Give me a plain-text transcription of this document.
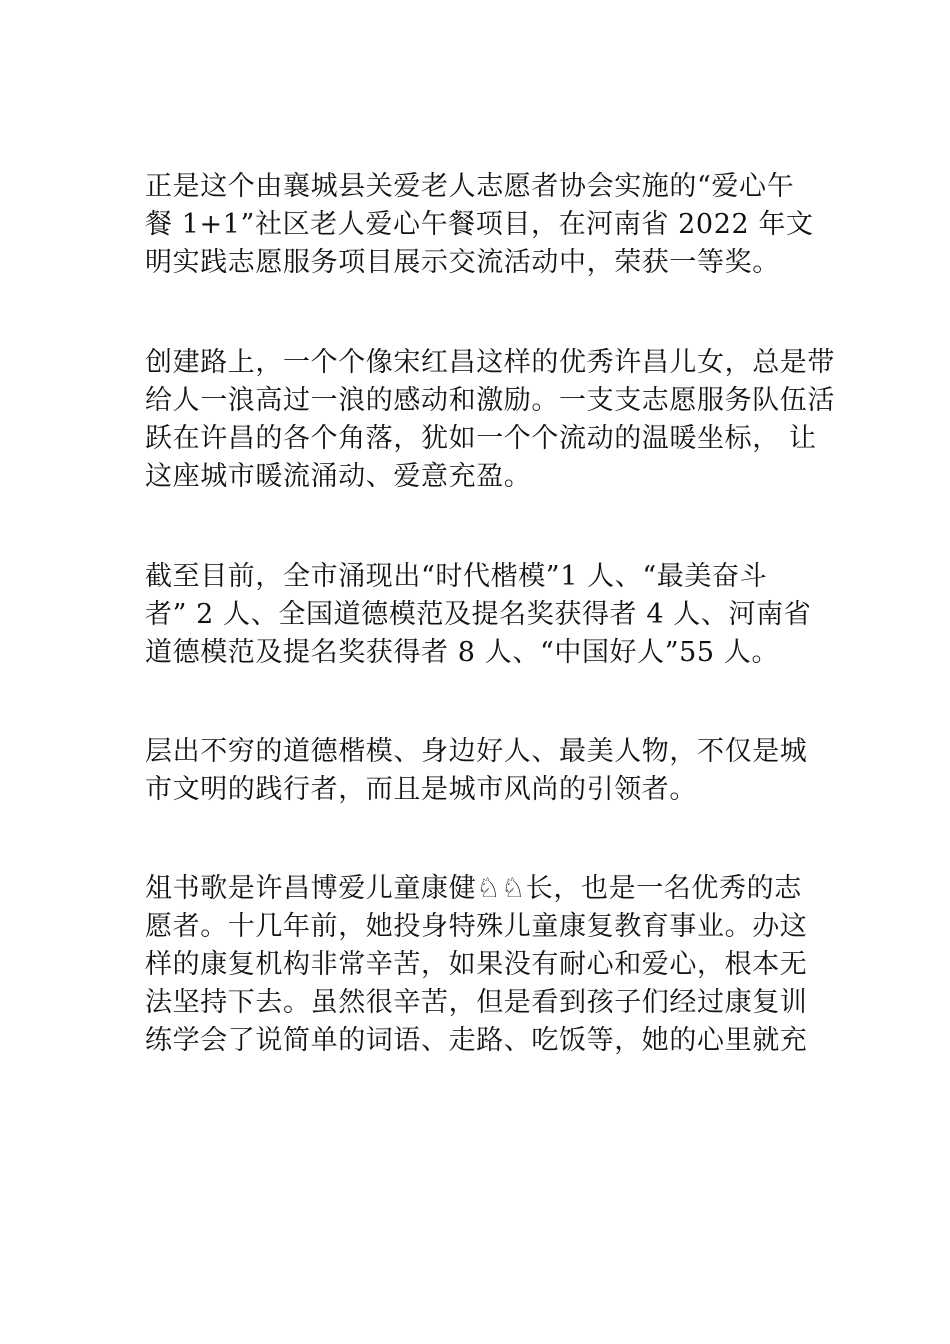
正是这个由襄城县关爱老人志愿者协会实施的“爱心午
餐 1+1”社区老人爱心午餐项目，在河南省 2022 年文
明实践志愿服务项目展示交流活动中，荣获一等奖。
创建路上，一个个像宋红昌这样的优秀许昌儿女，总是带
给人一浪高过一浪的感动和激励。一支支志愿服务队伍活
跃在许昌的各个角落，犹如一个个流动的温暖坐标， 让
这座城市暖流涌动、爱意充盈。
截至目前，全市涌现出“时代楷模”1 人、“最美奋斗
者” 2 人、全国道德模范及提名奖获得者 4 人、河南省
道德模范及提名奖获得者 8 人、“中国好人”55 人。
层出不穷的道德楷模、身边好人、最美人物，不仅是城
市文明的践行者，而且是城市风尚的引领者。
俎书歌是许昌博爱儿童康健♘♘长，也是一名优秀的志
愿者。十几年前，她投身特殊儿童康复教育事业。办这
样的康复机构非常辛苦，如果没有耐心和爱心，根本无
法坚持下去。虽然很辛苦，但是看到孩子们经过康复训
练学会了说简单的词语、走路、吃饭等，她的心里就充
